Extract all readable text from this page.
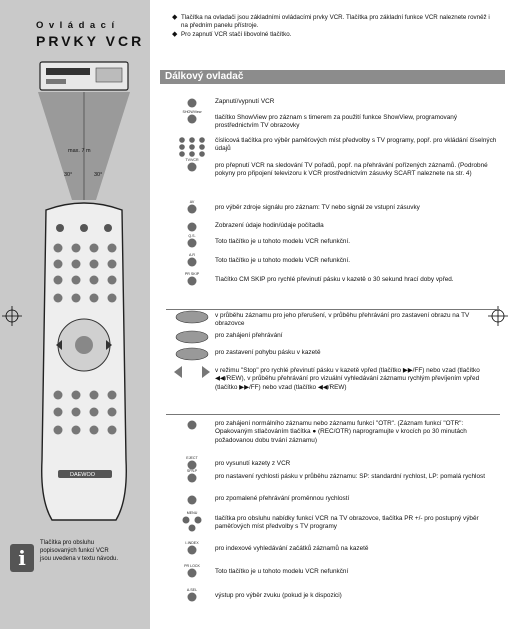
Ovládací
PRVKY VCR
max. 7 m
30°	30°
DAEWOO
i
Tlačítka pro obsluhu popisovaných funkcí VCR jsou uvedena v textu návodu.
◆ Tlačítka na ovladači jsou základními ovládacími prvky VCR. Tlačítka pro základní funkce VCR naleznete rovněž i na předním panelu přístroje.
◆ Pro zapnutí VCR stačí libovolné tlačítko.
Dálkový ovladač
Zapnutí/vypnutí VCR
tlačítko ShowView pro záznam s timerem za použití funkce ShowView, programovaný prostřednictvím TV obrazovky
číslicová tlačítka pro výběr paměťových míst předvolby s TV programy, popř. pro vkládání číselných údajů
pro přepnutí VCR na sledování TV pořadů, popř. na přehrávání pořízených záznamů. (Podrobné pokyny pro připojení televizoru k VCR prostřednictvím zásuvky SCART naleznete na str. 4)
pro výběr zdroje signálu pro záznam: TV nebo signál ze vstupní zásuvky
Zobrazení údaje hodin/údaje počítadla
Toto tlačítko je u tohoto modelu VCR nefunkční.
Toto tlačítko je u tohoto modelu VCR nefunkční.
Tlačítko CM SKIP pro rychlé převinutí pásku v kazetě o 30 sekund hrací doby vpřed.
v průběhu záznamu pro jeho přerušení, v průběhu přehrávání pro zastavení obrazu na TV obrazovce
pro zahájení přehrávání
pro zastavení pohybu pásku v kazetě
v režimu "Stop" pro rychlé převinutí pásku v kazetě vpřed (tlačítko ▶▶/FF) nebo vzad (tlačítko ◀◀/REW), v průběhu přehrávání pro vizuální vyhledávání záznamu rychlým převíjením vpřed (tlačítko ▶▶/FF) nebo vzad (tlačítko ◀◀/REW)
pro zahájení normálního záznamu nebo záznamu funkcí "OTR". (Záznam funkcí "OTR": Opakovaným stlačováním tlačítka ● (REC/OTR) naprogramujte v krocích po 30 minutách požadovanou dobu trvání záznamu)
pro vysunutí kazety z VCR
pro nastavení rychlosti pásku v průběhu záznamu: SP: standardní rychlost, LP: pomalá rychlost
pro zpomalené přehrávání proměnnou rychlostí
tlačítka pro obsluhu nabídky funkcí VCR na TV obrazovce, tlačítka PR +/- pro postupný výběr paměťových míst předvolby s TV programy
pro indexové vyhledávání začátků záznamů na kazetě
Toto tlačítko je u tohoto modelu VCR nefunkční
výstup pro výběr zvuku (pokud je k dispozici)
SHOWView
TV/VCR
AV
Q.S.
A.R
PR SKIP
EJECT
SP/LP
MENU
I-INDEX
PR LOCK
A.SEL
